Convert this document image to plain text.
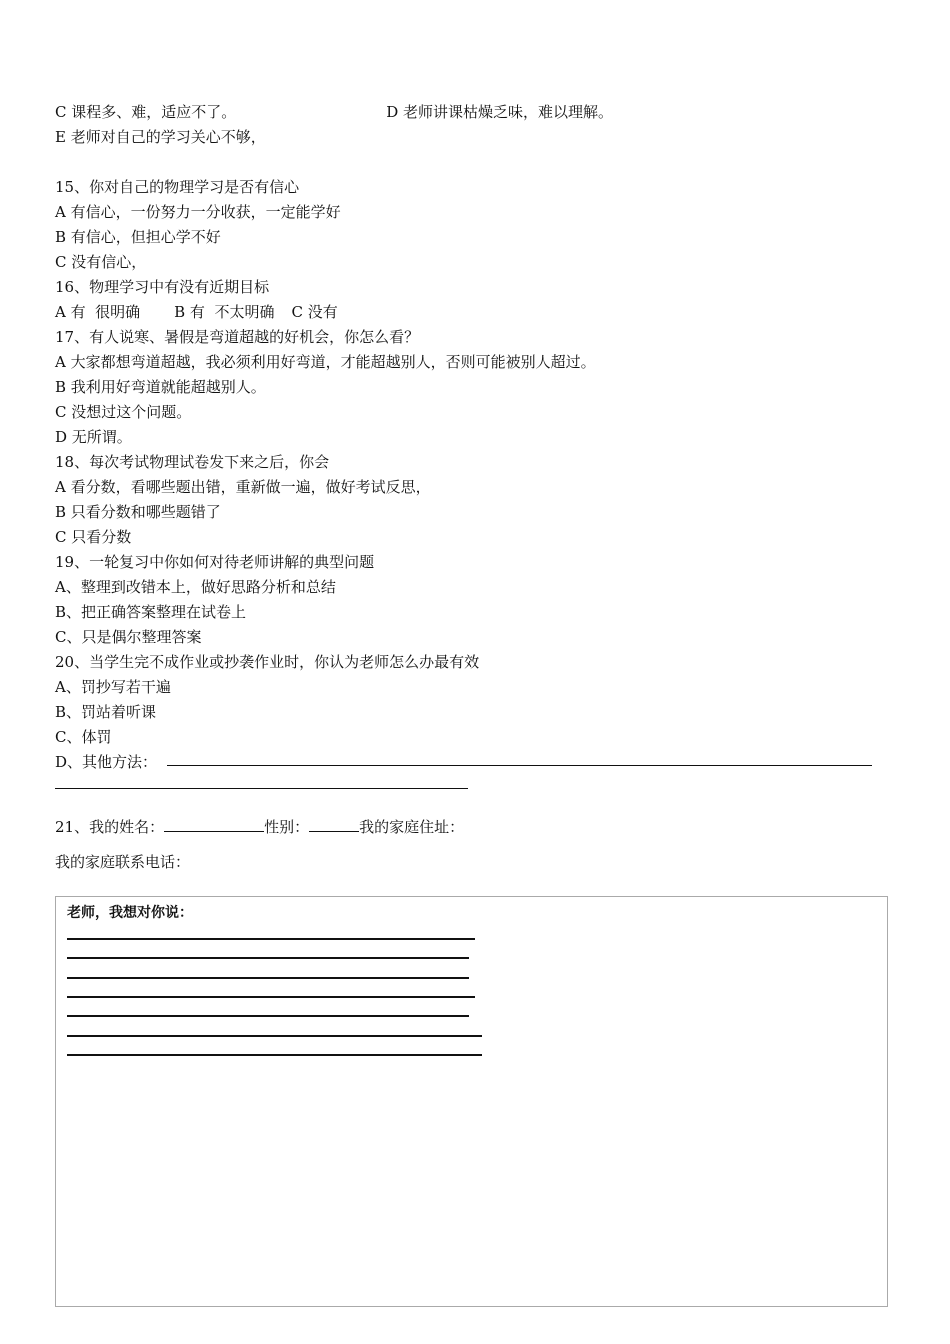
C 课程多、难，适应不了。	D 老师讲课枯燥乏味，难以理解。
E 老师对自己的学习关心不够，
15、你对自己的物理学习是否有信心
A 有信心，一份努力一分收获，一定能学好
B 有信心，但担心学不好
C 没有信心，
16、物理学习中有没有近期目标
A 有  很明确 B 有  不太明确 C 没有
17、有人说寒、暑假是弯道超越的好机会，你怎么看？
A 大家都想弯道超越，我必须利用好弯道，才能超越别人，否则可能被别人超过。
B 我利用好弯道就能超越别人。
C 没想过这个问题。
D 无所谓。
18、每次考试物理试卷发下来之后，你会
A 看分数，看哪些题出错，重新做一遍，做好考试反思，
B 只看分数和哪些题错了
C 只看分数
19、一轮复习中你如何对待老师讲解的典型问题
A、整理到改错本上，做好思路分析和总结
B、把正确答案整理在试卷上
C、只是偶尔整理答案
20、当学生完不成作业或抄袭作业时，你认为老师怎么办最有效
A、罚抄写若干遍
B、罚站着听课
C、体罚
D、其他方法：
21、我的姓名：	性别：	我的家庭住址：
我的家庭联系电话：
老师，我想对你说：
